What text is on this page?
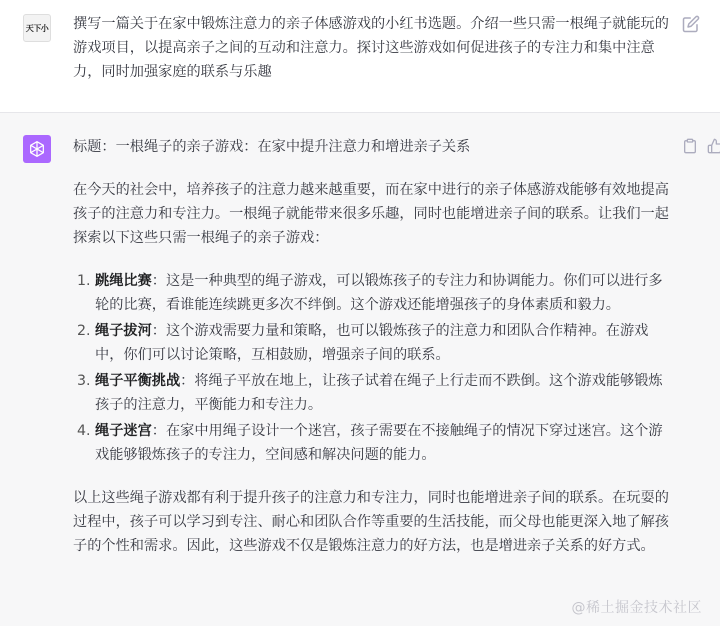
天下小 撰写一篇关于在家中锻炼注意力的亲子体感游戏的小红书选题。介绍一些只需一根绳子就能玩的游戏项目，以提高亲子之间的互动和注意力。探讨这些游戏如何促进孩子的专注力和集中注意力，同时加强家庭的联系与乐趣

标题：一根绳子的亲子游戏：在家中提升注意力和增进亲子关系

在今天的社会中，培养孩子的注意力越来越重要，而在家中进行的亲子体感游戏能够有效地提高孩子的注意力和专注力。一根绳子就能带来很多乐趣，同时也能增进亲子间的联系。让我们一起探索以下这些只需一根绳子的亲子游戏：

1. 跳绳比赛：这是一种典型的绳子游戏，可以锻炼孩子的专注力和协调能力。你们可以进行多轮的比赛，看谁能连续跳更多次不绊倒。这个游戏还能增强孩子的身体素质和毅力。
2. 绳子拔河：这个游戏需要力量和策略，也可以锻炼孩子的注意力和团队合作精神。在游戏中，你们可以讨论策略，互相鼓励，增强亲子间的联系。
3. 绳子平衡挑战：将绳子平放在地上，让孩子试着在绳子上行走而不跌倒。这个游戏能够锻炼孩子的注意力，平衡能力和专注力。
4. 绳子迷宫：在家中用绳子设计一个迷宫，孩子需要在不接触绳子的情况下穿过迷宫。这个游戏能够锻炼孩子的专注力，空间感和解决问题的能力。

以上这些绳子游戏都有利于提升孩子的注意力和专注力，同时也能增进亲子间的联系。在玩耍的过程中，孩子可以学习到专注、耐心和团队合作等重要的生活技能，而父母也能更深入地了解孩子的个性和需求。因此，这些游戏不仅是锻炼注意力的好方法，也是增进亲子关系的好方式。

@稀土掘金技术社区
